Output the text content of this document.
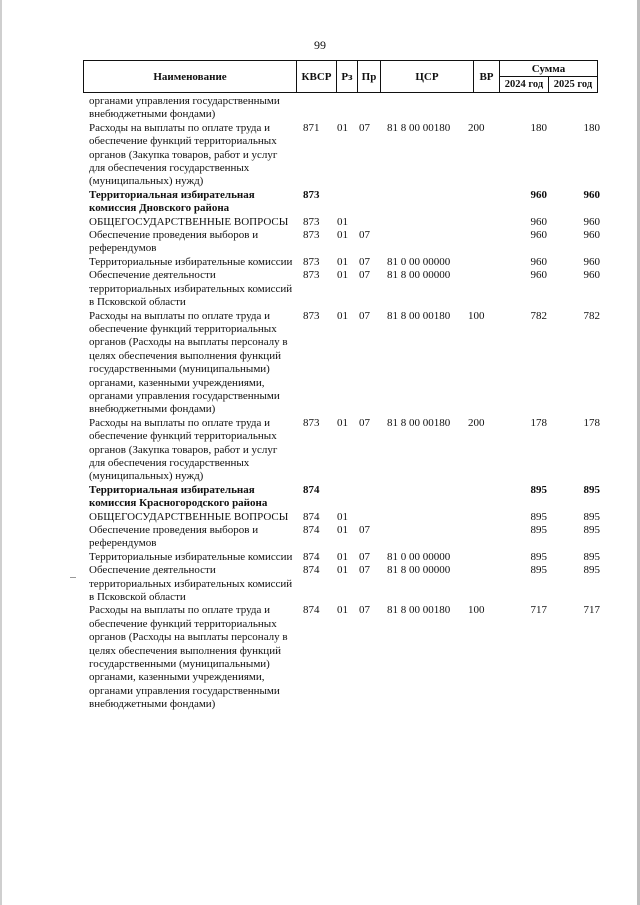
99
Наименование	КВСР Рз Пр	ЦСР	ВР
Сумма
2024 год	2025 год
органами управления государственными внебюджетными фондами)
Расходы на выплаты по оплате труда и обеспечение функций территориальных органов (Закупка товаров, работ и услуг для обеспечения государственных (муниципальных) нужд)
871 01 07 81 8 00 00180 200	180	180
Территориальная избирательная комиссия Дновского района
873	960	960
ОБЩЕГОСУДАРСТВЕННЫЕ ВОПРОСЫ	873 01	960	960
Обеспечение проведения выборов и референдумов
873 01 07	960	960
Территориальные избирательные комиссии 873 01 07 81 0 00 00000	960	960
Обеспечение деятельности территориальных избирательных комиссий в Псковской области
873 01 07 81 8 00 00000	960	960
Расходы на выплаты по оплате труда и обеспечение функций территориальных органов (Расходы на выплаты персоналу в целях обеспечения выполнения функций государственными (муниципальными) органами, казенными учреждениями, органами управления государственными внебюджетными фондами)
873 01 07 81 8 00 00180 100	782	782
Расходы на выплаты по оплате труда и обеспечение функций территориальных органов (Закупка товаров, работ и услуг для обеспечения государственных (муниципальных) нужд)
873 01 07 81 8 00 00180 200	178	178
Территориальная избирательная комиссия Красногородского района
874	895	895
ОБЩЕГОСУДАРСТВЕННЫЕ ВОПРОСЫ	874 01	895	895
Обеспечение проведения выборов и референдумов
874 01 07	895	895
Территориальные избирательные комиссии 874 01 07 81 0 00 00000	895	895
Обеспечение деятельности территориальных избирательных комиссий в Псковской области
874 01 07 81 8 00 00000	895	895
Расходы на выплаты по оплате труда и обеспечение функций территориальных органов (Расходы на выплаты персоналу в целях обеспечения выполнения функций государственными (муниципальными) органами, казенными учреждениями, органами управления государственными внебюджетными фондами)
874 01 07 81 8 00 00180 100	717	717
